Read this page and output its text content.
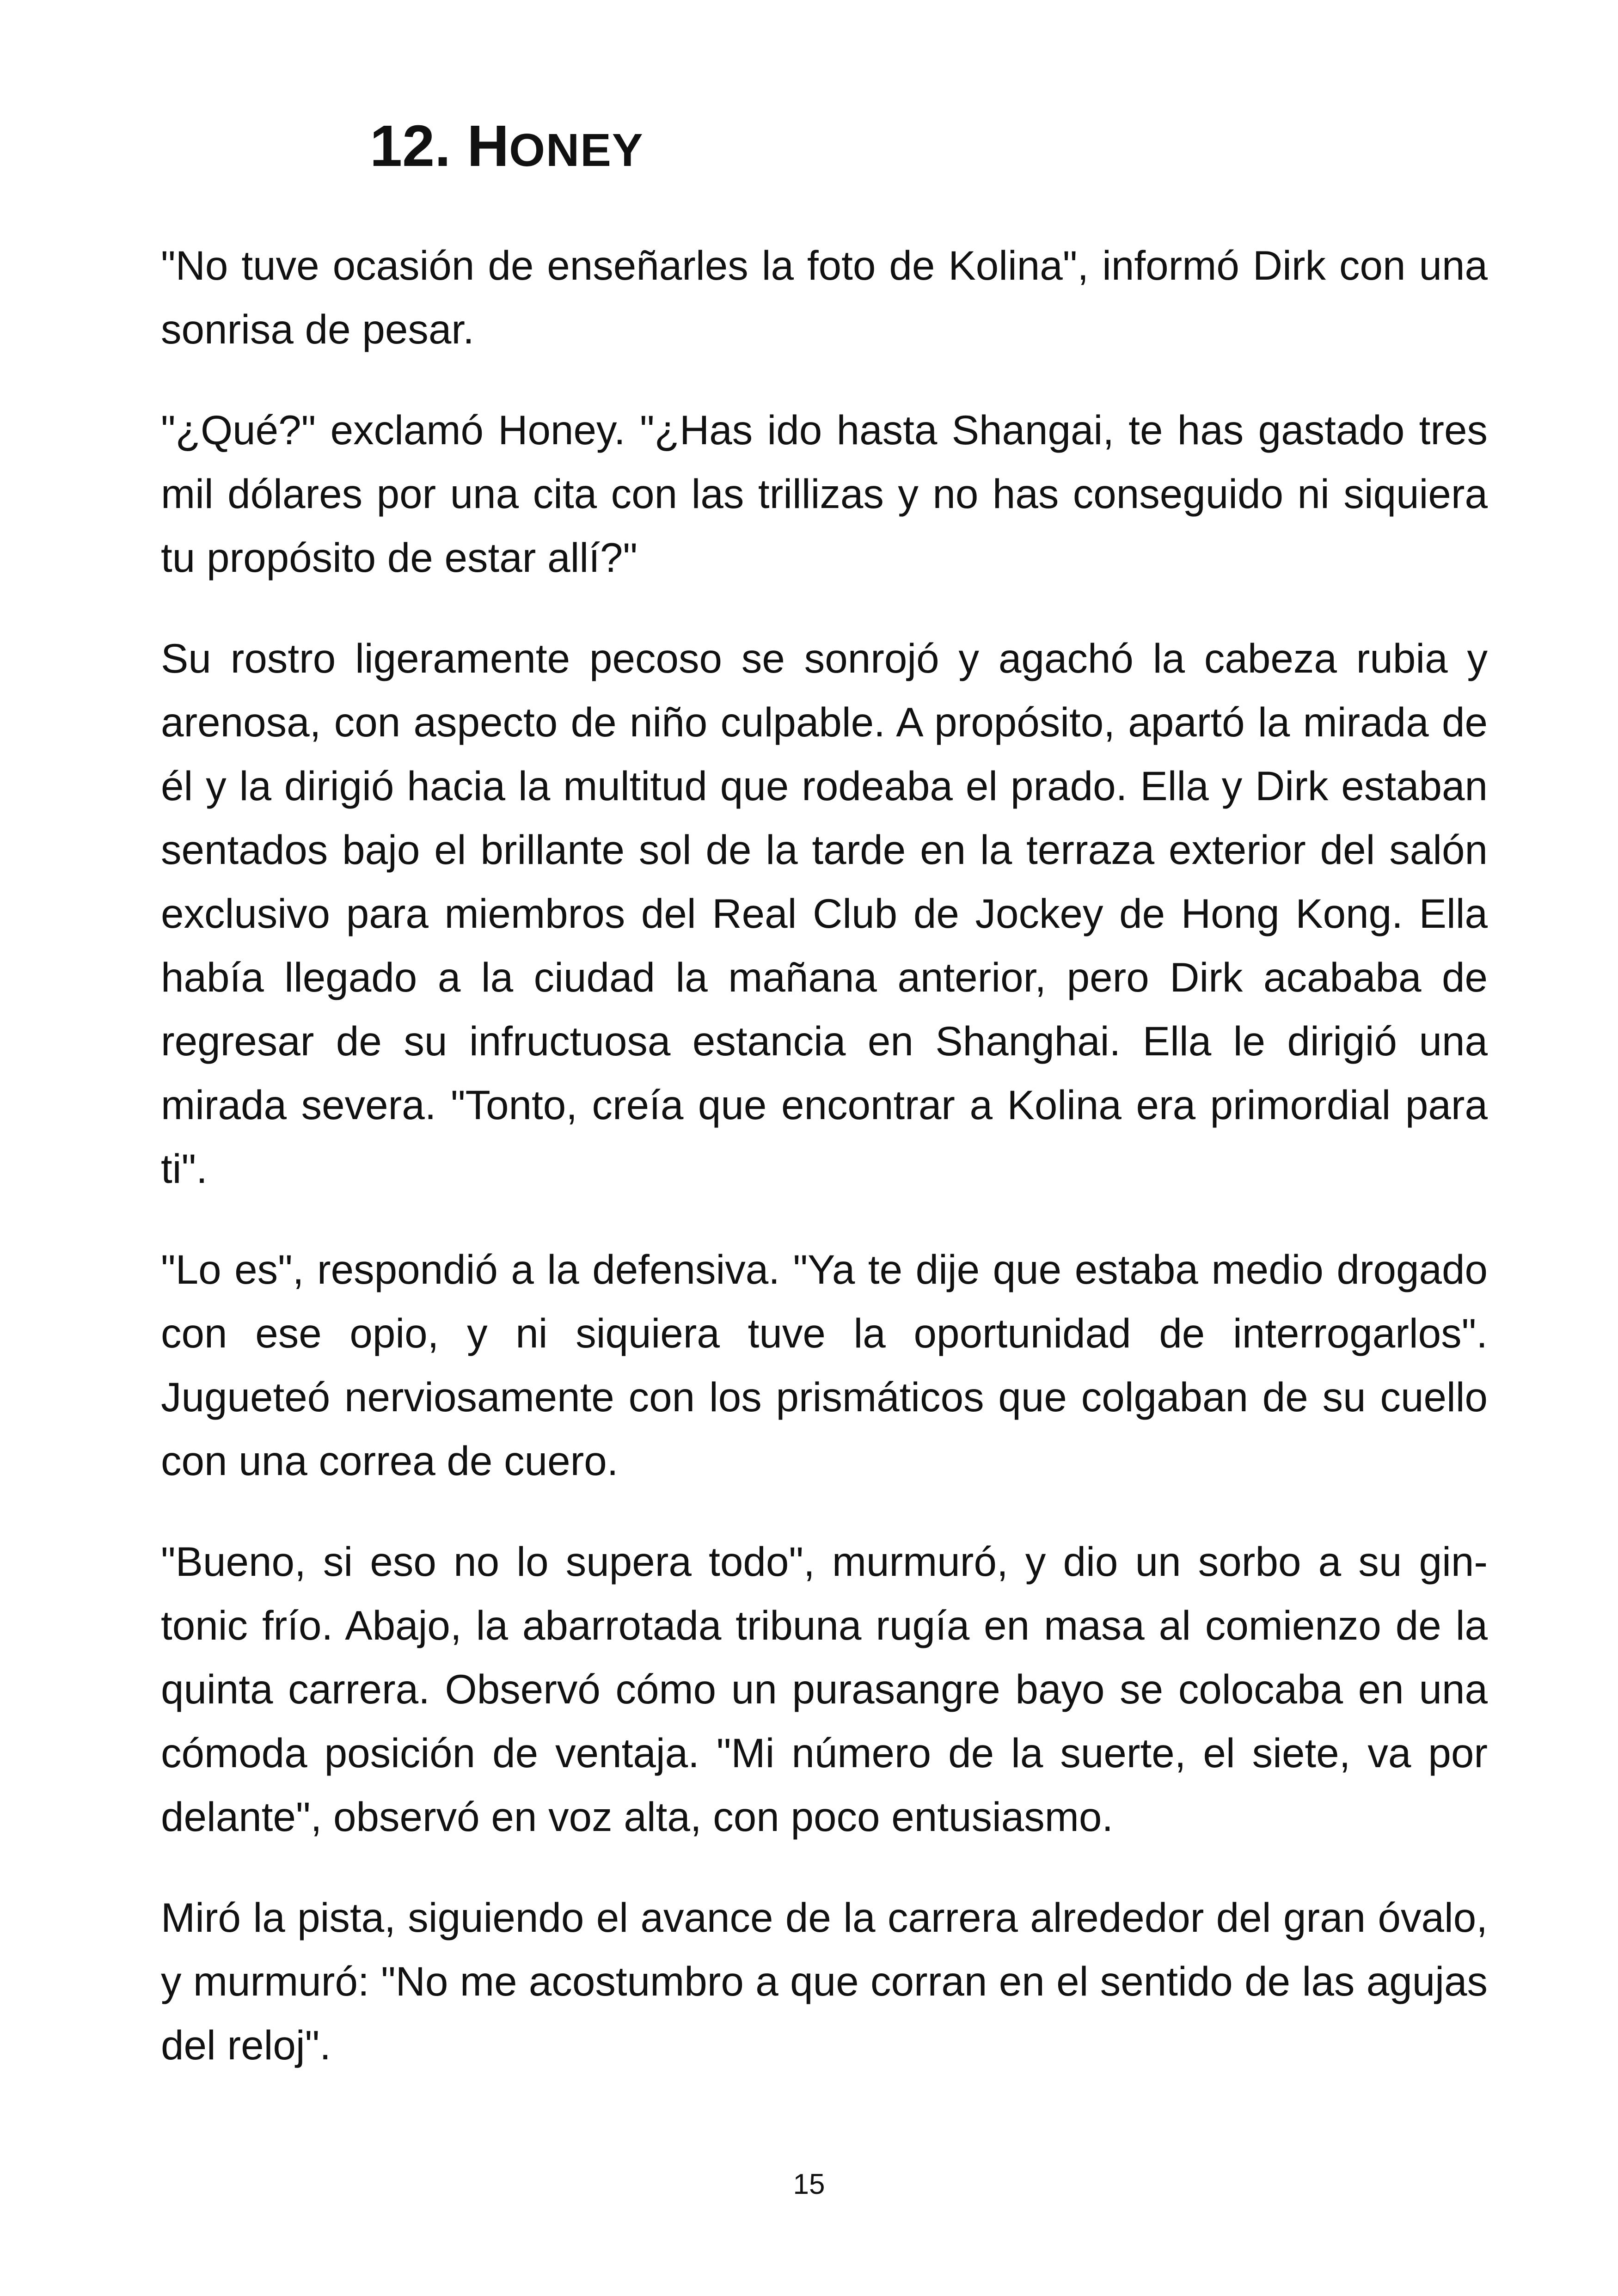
12. HONEY

"No tuve ocasión de enseñarles la foto de Kolina", informó Dirk con una sonrisa de pesar.

"¿Qué?" exclamó Honey. "¿Has ido hasta Shangai, te has gastado tres mil dólares por una cita con las trillizas y no has conseguido ni siquiera tu propósito de estar allí?"

Su rostro ligeramente pecoso se sonrojó y agachó la cabeza rubia y arenosa, con aspecto de niño culpable. A propósito, apartó la mirada de él y la dirigió hacia la multitud que rodeaba el prado. Ella y Dirk estaban sentados bajo el brillante sol de la tarde en la terraza exterior del salón exclusivo para miembros del Real Club de Jockey de Hong Kong. Ella había llegado a la ciudad la mañana anterior, pero Dirk acababa de regresar de su infructuosa estancia en Shanghai. Ella le dirigió una mirada severa. "Tonto, creía que encontrar a Kolina era primordial para ti".

"Lo es", respondió a la defensiva. "Ya te dije que estaba medio drogado con ese opio, y ni siquiera tuve la oportunidad de interrogarlos". Jugueteó nerviosamente con los prismáticos que colgaban de su cuello con una correa de cuero.

"Bueno, si eso no lo supera todo", murmuró, y dio un sorbo a su gin-tonic frío. Abajo, la abarrotada tribuna rugía en masa al comienzo de la quinta carrera. Observó cómo un purasangre bayo se colocaba en una cómoda posición de ventaja. "Mi número de la suerte, el siete, va por delante", observó en voz alta, con poco entusiasmo.

Miró la pista, siguiendo el avance de la carrera alrededor del gran óvalo, y murmuró: "No me acostumbro a que corran en el sentido de las agujas del reloj".

15
